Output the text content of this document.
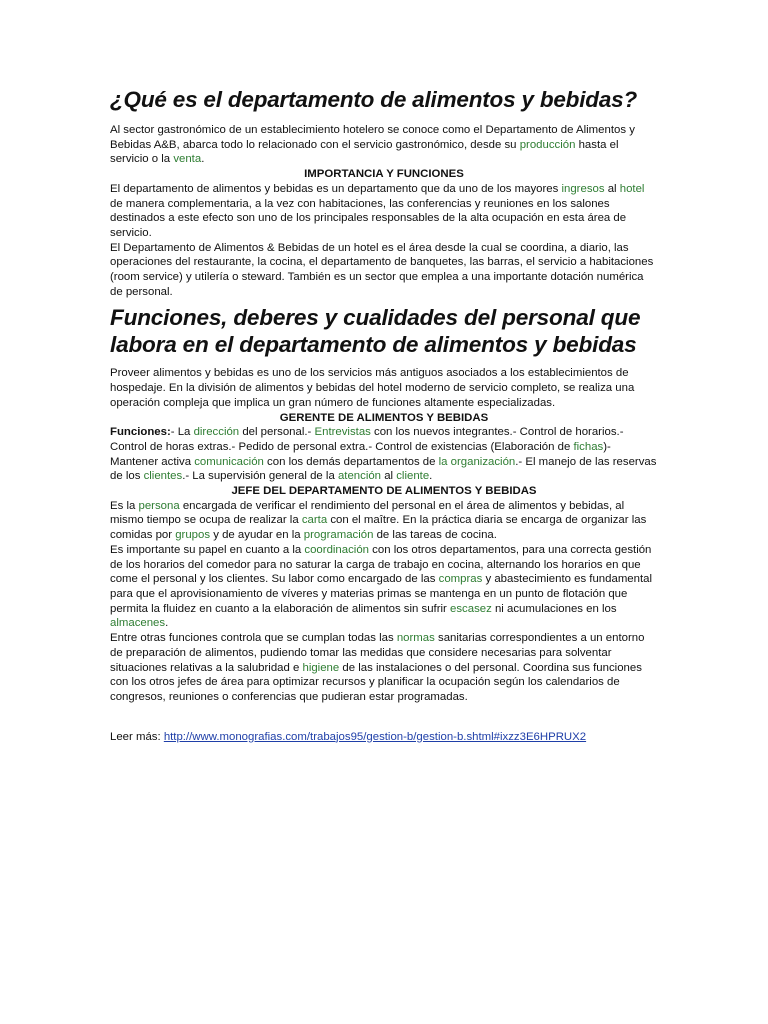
¿Qué es el departamento de alimentos y bebidas?

Al sector gastronómico de un establecimiento hotelero se conoce como el Departamento de Alimentos y Bebidas A&B, abarca todo lo relacionado con el servicio gastronómico, desde su producción hasta el servicio o la venta.

IMPORTANCIA Y FUNCIONES

El departamento de alimentos y bebidas es un departamento que da uno de los mayores ingresos al hotel de manera complementaria, a la vez con habitaciones, las conferencias y reuniones en los salones destinados a este efecto son uno de los principales responsables de la alta ocupación en esta área de servicio.

El Departamento de Alimentos & Bebidas de un hotel es el área desde la cual se coordina, a diario, las operaciones del restaurante, la cocina, el departamento de banquetes, las barras, el servicio a habitaciones (room service) y utilería o steward. También es un sector que emplea a una importante dotación numérica de personal.

Funciones, deberes y cualidades del personal que labora en el departamento de alimentos y bebidas

Proveer alimentos y bebidas es uno de los servicios más antiguos asociados a los establecimientos de hospedaje. En la división de alimentos y bebidas del hotel moderno de servicio completo, se realiza una operación compleja que implica un gran número de funciones altamente especializadas.

GERENTE DE ALIMENTOS Y BEBIDAS

Funciones:- La dirección del personal.- Entrevistas con los nuevos integrantes.- Control de horarios.- Control de horas extras.- Pedido de personal extra.- Control de existencias (Elaboración de fichas)- Mantener activa comunicación con los demás departamentos de la organización.- El manejo de las reservas de los clientes.- La supervisión general de la atención al cliente.

JEFE DEL DEPARTAMENTO DE ALIMENTOS Y BEBIDAS

Es la persona encargada de verificar el rendimiento del personal en el área de alimentos y bebidas, al mismo tiempo se ocupa de realizar la carta con el maître. En la práctica diaria se encarga de organizar las comidas por grupos y de ayudar en la programación de las tareas de cocina.

Es importante su papel en cuanto a la coordinación con los otros departamentos, para una correcta gestión de los horarios del comedor para no saturar la carga de trabajo en cocina, alternando los horarios en que come el personal y los clientes. Su labor como encargado de las compras y abastecimiento es fundamental para que el aprovisionamiento de víveres y materias primas se mantenga en un punto de flotación que permita la fluidez en cuanto a la elaboración de alimentos sin sufrir escasez ni acumulaciones en los almacenes.

Entre otras funciones controla que se cumplan todas las normas sanitarias correspondientes a un entorno de preparación de alimentos, pudiendo tomar las medidas que considere necesarias para solventar situaciones relativas a la salubridad e higiene de las instalaciones o del personal. Coordina sus funciones con los otros jefes de área para optimizar recursos y planificar la ocupación según los calendarios de congresos, reuniones o conferencias que pudieran estar programadas.

Leer más: http://www.monografias.com/trabajos95/gestion-b/gestion-b.shtml#ixzz3E6HPRUX2
